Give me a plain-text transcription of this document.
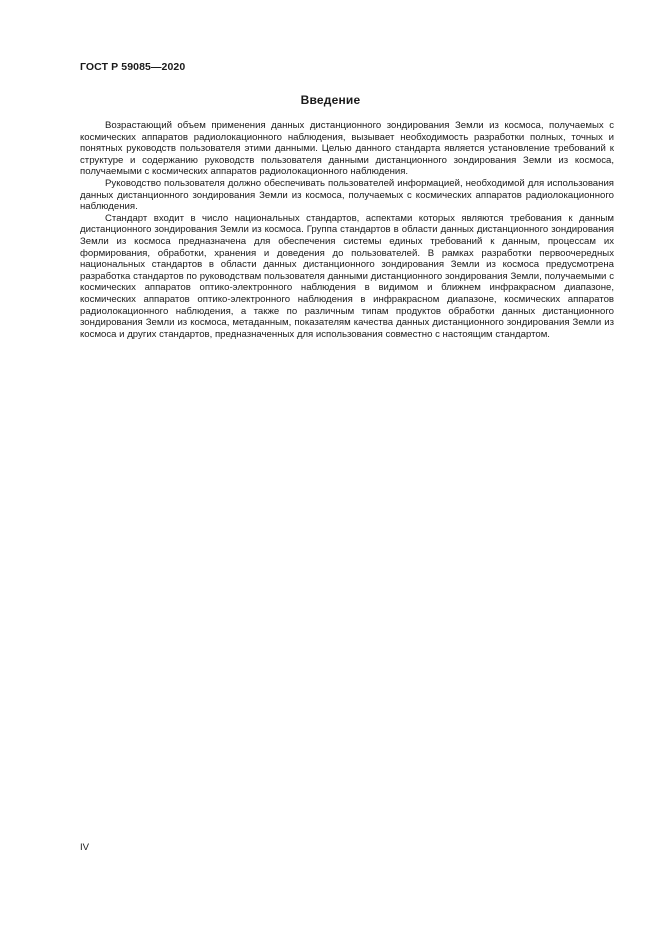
ГОСТ Р 59085—2020
Введение

Возрастающий объем применения данных дистанционного зондирования Земли из космоса, получаемых с космических аппаратов радиолокационного наблюдения, вызывает необходимость разработки полных, точных и понятных руководств пользователя этими данными. Целью данного стандарта является установление требований к структуре и содержанию руководств пользователя данными дистанционного зондирования Земли из космоса, получаемыми с космических аппаратов радиолокационного наблюдения.

Руководство пользователя должно обеспечивать пользователей информацией, необходимой для использования данных дистанционного зондирования Земли из космоса, получаемых с космических аппаратов радиолокационного наблюдения.

Стандарт входит в число национальных стандартов, аспектами которых являются требования к данным дистанционного зондирования Земли из космоса. Группа стандартов в области данных дистанционного зондирования Земли из космоса предназначена для обеспечения системы единых требований к данным, процессам их формирования, обработки, хранения и доведения до пользователей. В рамках разработки первоочередных национальных стандартов в области данных дистанционного зондирования Земли из космоса предусмотрена разработка стандартов по руководствам пользователя данными дистанционного зондирования Земли, получаемыми с космических аппаратов оптико-электронного наблюдения в видимом и ближнем инфракрасном диапазоне, космических аппаратов оптико-электронного наблюдения в инфракрасном диапазоне, космических аппаратов радиолокационного наблюдения, а также по различным типам продуктов обработки данных дистанционного зондирования Земли из космоса, метаданным, показателям качества данных дистанционного зондирования Земли из космоса и других стандартов, предназначенных для использования совместно с настоящим стандартом.

IV
